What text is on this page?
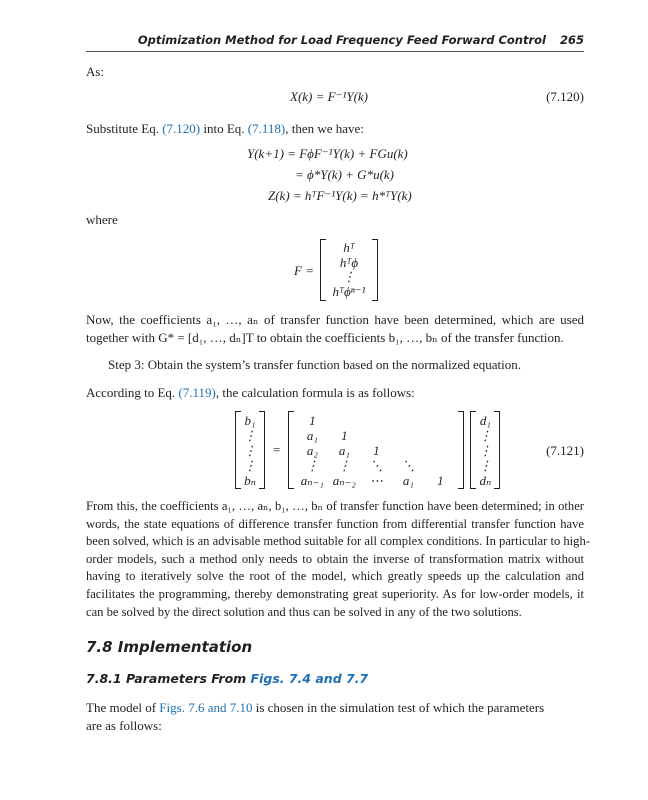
Optimization Method for Load Frequency Feed Forward Control 265
As:
X(k) = F⁻¹Y(k)	(7.120)
Substitute Eq. (7.120) into Eq. (7.118), then we have:
Y(k+1) = FϕF⁻¹Y(k) + FGu(k)
= ϕ*Y(k) + G*u(k)
Z(k) = hᵀF⁻¹Y(k) = h*ᵀY(k)
where
F =
hᵀ
hᵀϕ
⋮
hᵀϕⁿ⁻¹
Now, the coefficients a₁, …, aₙ of transfer function have been determined, which are used
together with G* = [d₁, …, dₙ]T to obtain the coefficients b₁, …, bₙ of the transfer function.
Step 3: Obtain the system’s transfer function based on the normalized equation.
According to Eq. (7.119), the calculation formula is as follows:
b₁
⋮
⋮
⋮
bₙ
=
1
a₁	1
a₂	a₁	1
⋮	⋮	⋱	⋱
aₙ₋₁ aₙ₋₂	⋯	a₁	1
d₁
⋮
⋮
⋮
dₙ
(7.121)
From this, the coefficients a₁, …, aₙ, b₁, …, bₙ of transfer function have been determined; in other
words, the state equations of difference transfer function from differential transfer function have
been solved, which is an advisable method suitable for all complex conditions. In particular to high-
order models, such a method only needs to obtain the inverse of transformation matrix without
having to iteratively solve the root of the model, which greatly speeds up the calculation and
facilitates the programming, thereby demonstrating great superiority. As for low-order models, it
can be solved by the direct solution and thus can be solved in any of the two solutions.
7.8 Implementation
7.8.1 Parameters From Figs. 7.4 and 7.7
The model of Figs. 7.6 and 7.10 is chosen in the simulation test of which the parameters
are as follows:
